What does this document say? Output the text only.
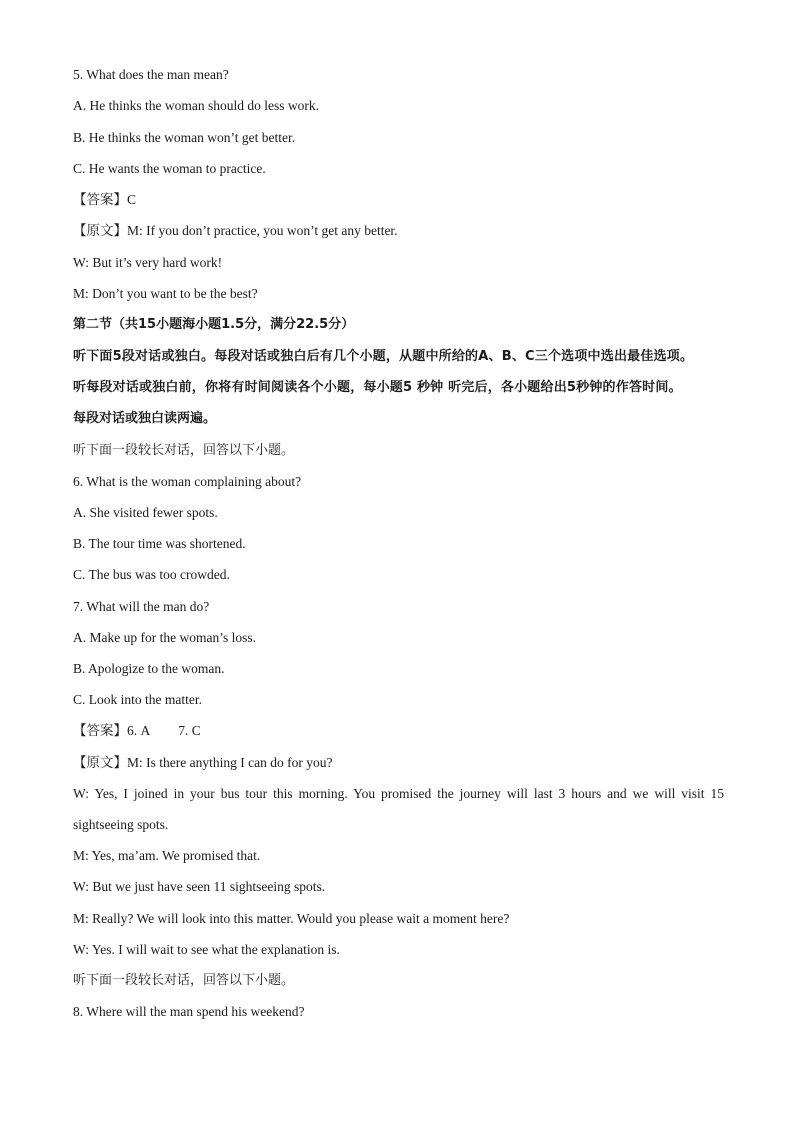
5. What does the man mean?
A. He thinks the woman should do less work.
B. He thinks the woman won’t get better.
C. He wants the woman to practice.
【答案】C
【原文】M: If you don’t practice, you won’t get any better.
W: But it’s very hard work!
M: Don’t you want to be the best?
第二节（共15小题海小题1.5分，满分22.5分）
听下面5段对话或独白。每段对话或独白后有几个小题，从题中所给的A、B、C三个选项中选出最佳选项。
听每段对话或独白前，你将有时间阅读各个小题，每小题5 秒钟 听完后，各小题给出5秒钟的作答时间。
每段对话或独白读两遍。
听下面一段较长对话，回答以下小题。
6. What is the woman complaining about?
A. She visited fewer spots.
B. The tour time was shortened.
C. The bus was too crowded.
7. What will the man do?
A. Make up for the woman’s loss.
B. Apologize to the woman.
C. Look into the matter.
【答案】6. A 7. C
【原文】M: Is there anything I can do for you?
W: Yes, I joined in your bus tour this morning. You promised the journey will last 3 hours and we will visit 15
sightseeing spots.
M: Yes, ma’am. We promised that.
W: But we just have seen 11 sightseeing spots.
M: Really? We will look into this matter. Would you please wait a moment here?
W: Yes. I will wait to see what the explanation is.
听下面一段较长对话，回答以下小题。
8. Where will the man spend his weekend?
